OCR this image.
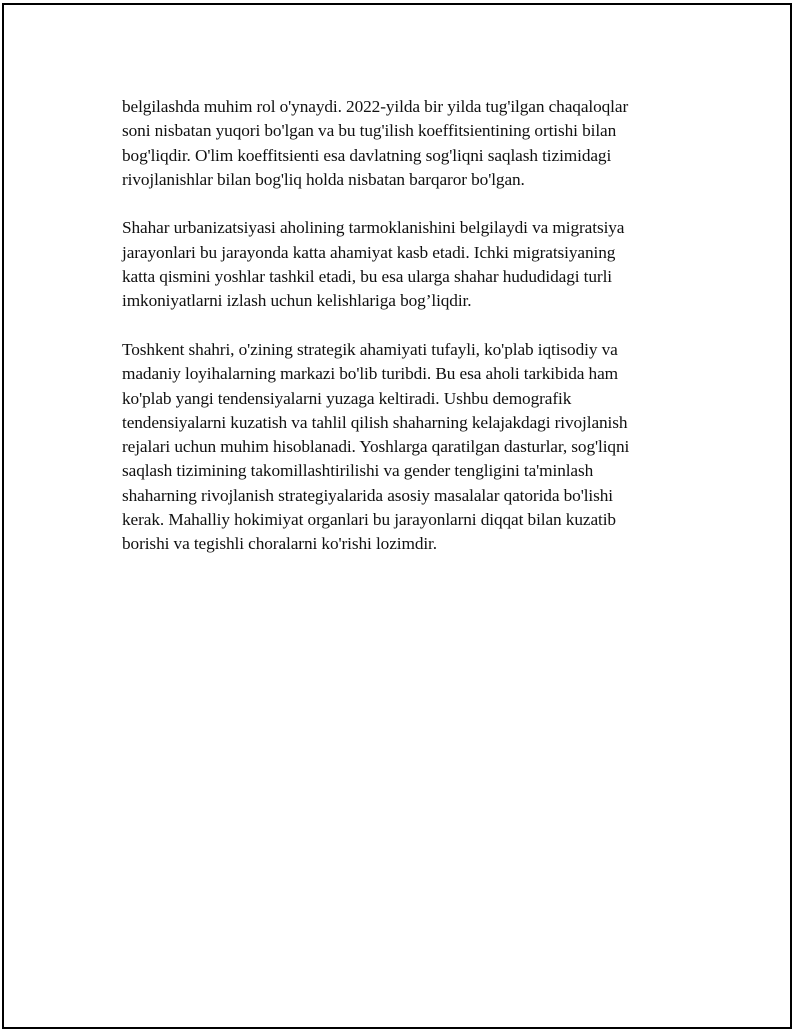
belgilashda muhim rol o'ynaydi. 2022-yilda bir yilda tug'ilgan chaqaloqlar
soni nisbatan yuqori bo'lgan va bu tug'ilish koeffitsientining ortishi bilan
bog'liqdir. O'lim koeffitsienti esa davlatning sog'liqni saqlash tizimidagi
rivojlanishlar bilan bog'liq holda nisbatan barqaror bo'lgan.

Shahar urbanizatsiyasi aholining tarmoklanishini belgilaydi va migratsiya
jarayonlari bu jarayonda katta ahamiyat kasb etadi. Ichki migratsiyaning
katta qismini yoshlar tashkil etadi, bu esa ularga shahar hududidagi turli
imkoniyatlarni izlash uchun kelishlariga bog’liqdir.

Toshkent shahri, o'zining strategik ahamiyati tufayli, ko'plab iqtisodiy va
madaniy loyihalarning markazi bo'lib turibdi. Bu esa aholi tarkibida ham
ko'plab yangi tendensiyalarni yuzaga keltiradi. Ushbu demografik
tendensiyalarni kuzatish va tahlil qilish shaharning kelajakdagi rivojlanish
rejalari uchun muhim hisoblanadi. Yoshlarga qaratilgan dasturlar, sog'liqni
saqlash tizimining takomillashtirilishi va gender tengligini ta'minlash
shaharning rivojlanish strategiyalarida asosiy masalalar qatorida bo'lishi
kerak. Mahalliy hokimiyat organlari bu jarayonlarni diqqat bilan kuzatib
borishi va tegishli choralarni ko'rishi lozimdir.
